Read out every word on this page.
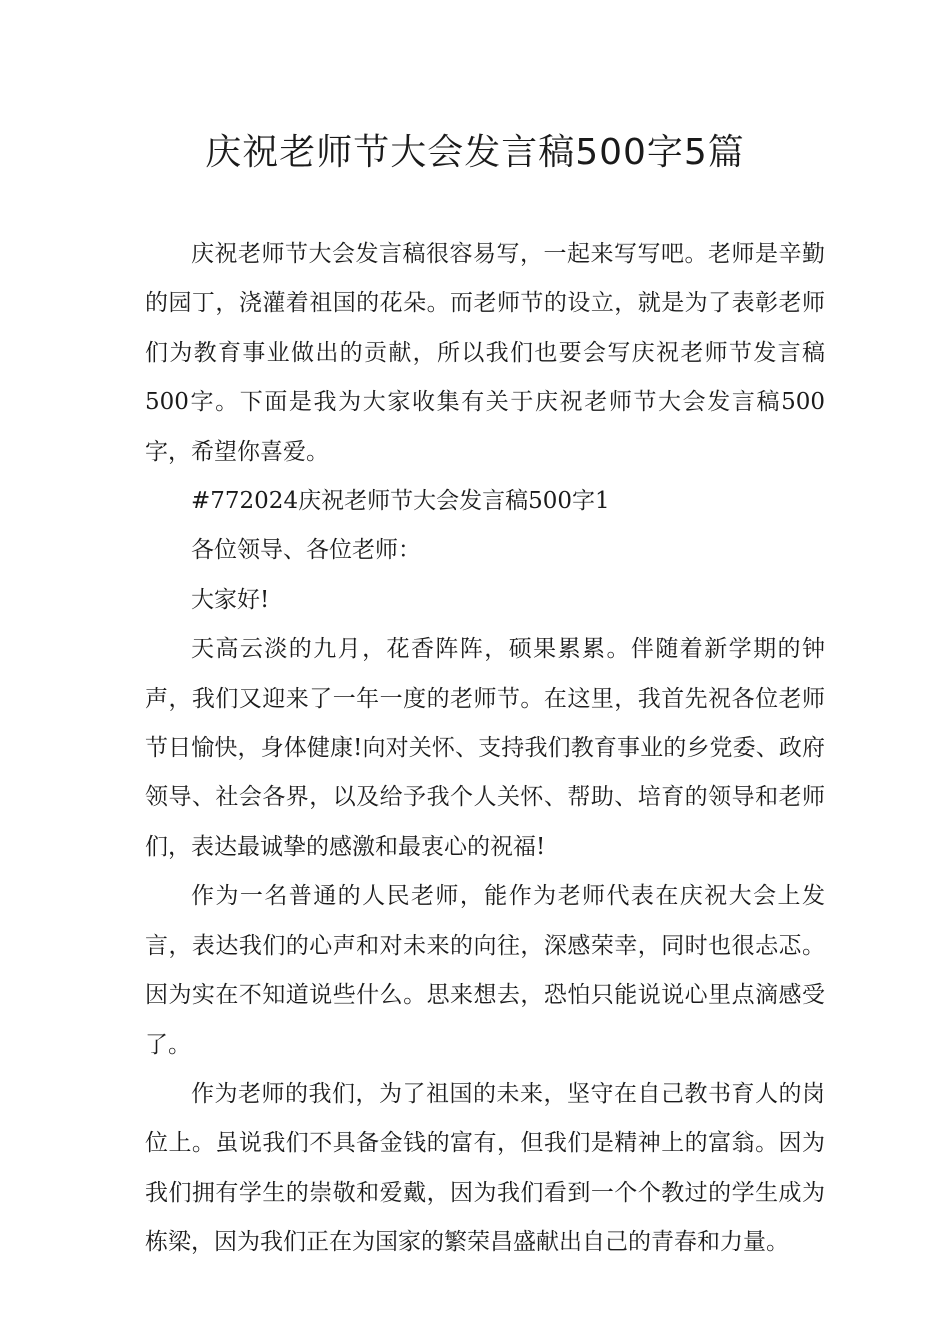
庆祝老师节大会发言稿500字5篇

庆祝老师节大会发言稿很容易写，一起来写写吧。老师是辛勤的园丁，浇灌着祖国的花朵。而老师节的设立，就是为了表彰老师们为教育事业做出的贡献，所以我们也要会写庆祝老师节发言稿500字。下面是我为大家收集有关于庆祝老师节大会发言稿500字，希望你喜爱。

#772024庆祝老师节大会发言稿500字1

各位领导、各位老师：

大家好!

天高云淡的九月，花香阵阵，硕果累累。伴随着新学期的钟声，我们又迎来了一年一度的老师节。在这里，我首先祝各位老师节日愉快，身体健康!向对关怀、支持我们教育事业的乡党委、政府领导、社会各界，以及给予我个人关怀、帮助、培育的领导和老师们，表达最诚挚的感激和最衷心的祝福!

作为一名普通的人民老师，能作为老师代表在庆祝大会上发言，表达我们的心声和对未来的向往，深感荣幸，同时也很忐忑。因为实在不知道说些什么。思来想去，恐怕只能说说心里点滴感受了。

作为老师的我们，为了祖国的未来，坚守在自己教书育人的岗位上。虽说我们不具备金钱的富有，但我们是精神上的富翁。因为我们拥有学生的崇敬和爱戴，因为我们看到一个个教过的学生成为栋梁，因为我们正在为国家的繁荣昌盛献出自己的青春和力量。
